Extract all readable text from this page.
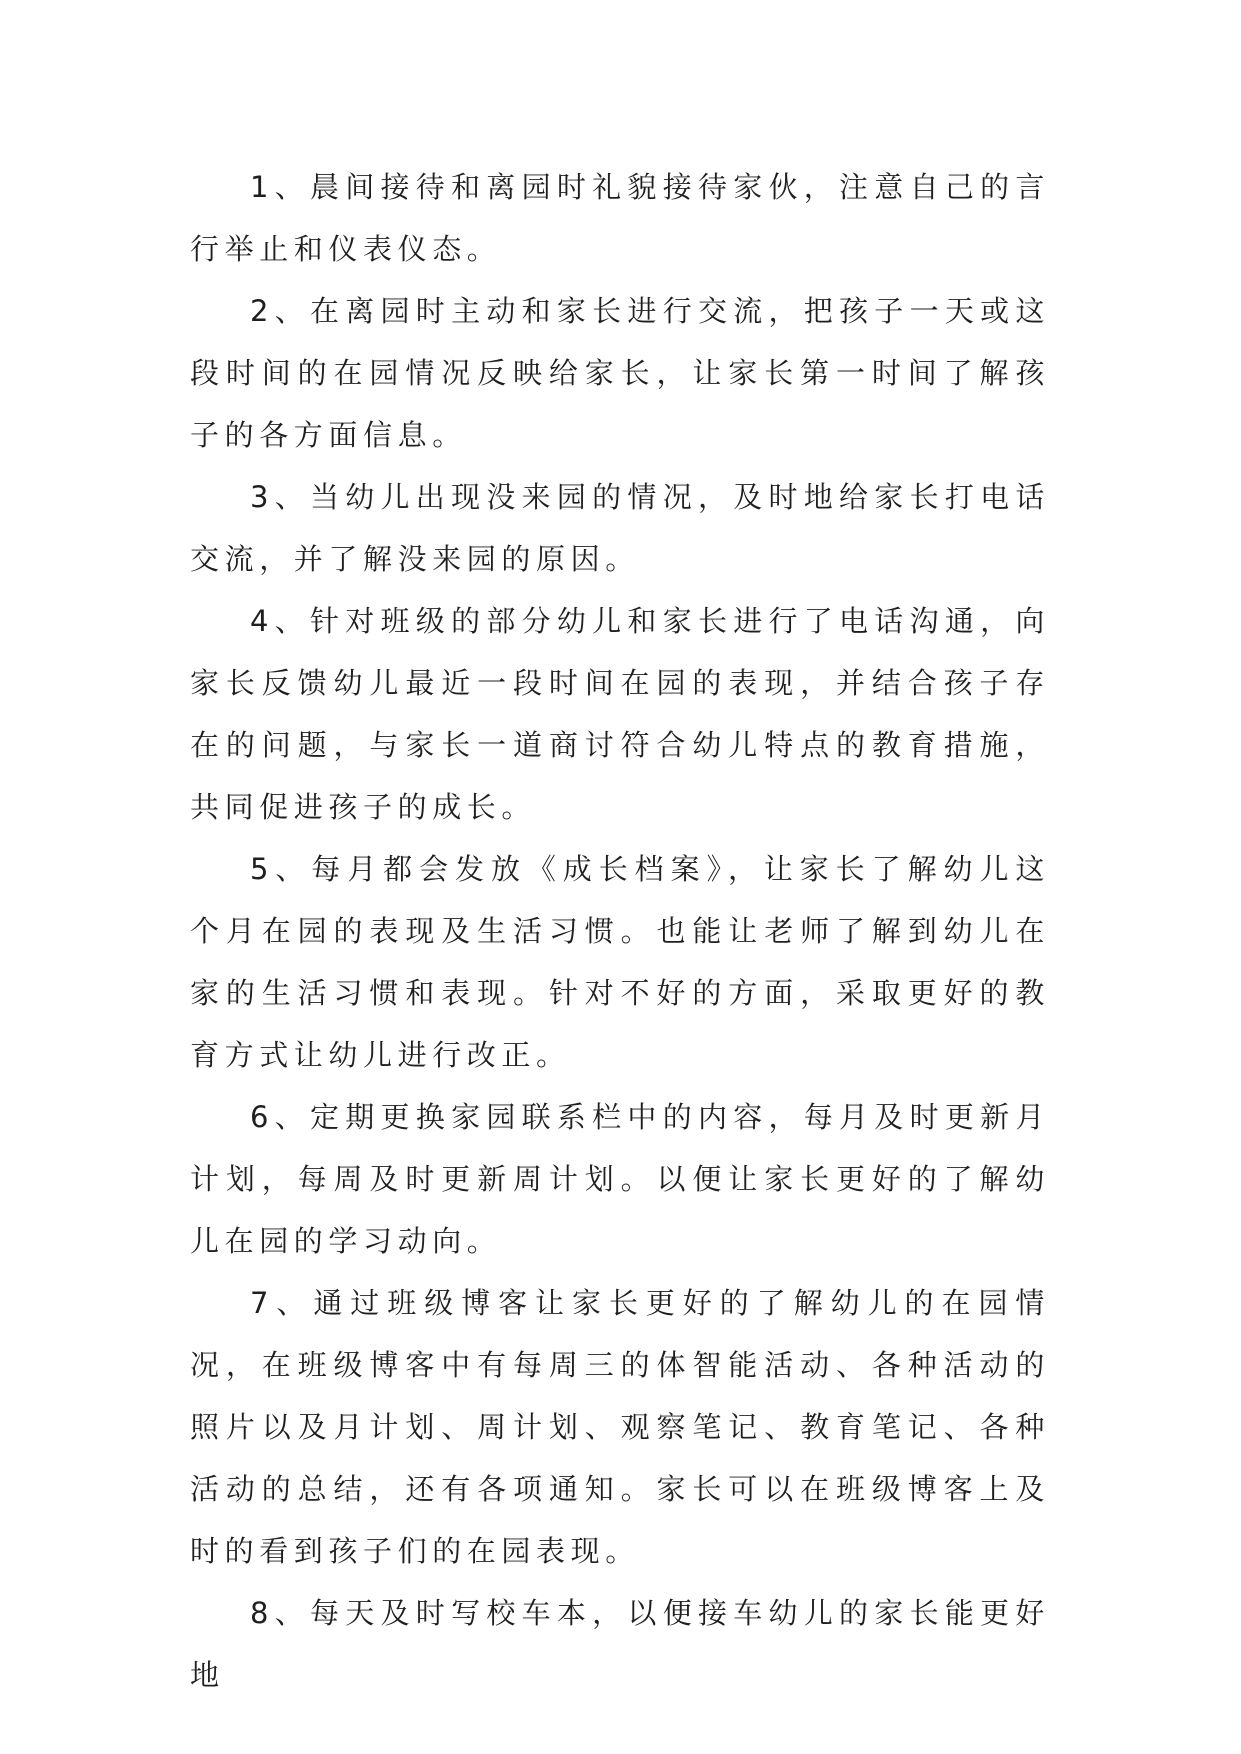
1、晨间接待和离园时礼貌接待家伙，注意自己的言行举止和仪表仪态。

2、在离园时主动和家长进行交流，把孩子一天或这段时间的在园情况反映给家长，让家长第一时间了解孩子的各方面信息。

3、当幼儿出现没来园的情况，及时地给家长打电话交流，并了解没来园的原因。

4、针对班级的部分幼儿和家长进行了电话沟通，向家长反馈幼儿最近一段时间在园的表现，并结合孩子存在的问题，与家长一道商讨符合幼儿特点的教育措施，共同促进孩子的成长。

5、每月都会发放《成长档案》，让家长了解幼儿这个月在园的表现及生活习惯。也能让老师了解到幼儿在家的生活习惯和表现。针对不好的方面，采取更好的教育方式让幼儿进行改正。

6、定期更换家园联系栏中的内容，每月及时更新月计划，每周及时更新周计划。以便让家长更好的了解幼儿在园的学习动向。

7、通过班级博客让家长更好的了解幼儿的在园情况，在班级博客中有每周三的体智能活动、各种活动的照片以及月计划、周计划、观察笔记、教育笔记、各种活动的总结，还有各项通知。家长可以在班级博客上及时的看到孩子们的在园表现。

8、每天及时写校车本，以便接车幼儿的家长能更好地
